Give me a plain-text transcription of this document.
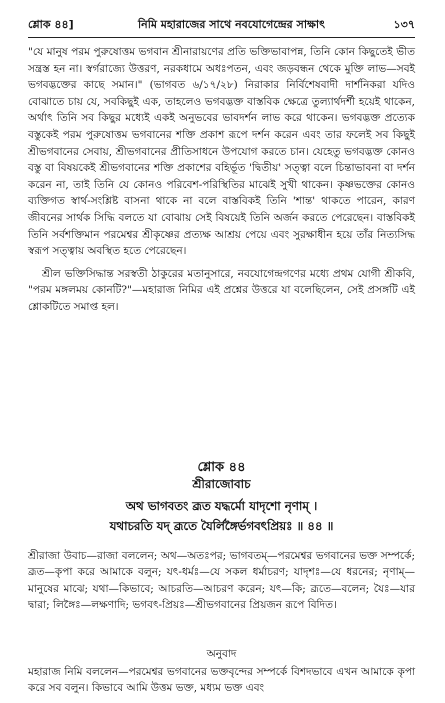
শ্লোক ৪৪]	নিমি মহারাজের সাথে নবযোগেন্দ্রের সাক্ষাৎ	১৩৭

"যে মানুষ পরম পুরুষোত্তম ভগবান শ্রীনারায়ণের প্রতি ভক্তিভাবাপন্ন, তিনি কোন কিছুতেই ভীত সন্ত্রস্ত হন না। স্বর্গরাজ্যে উত্তরণ, নরকধামে অধঃপতন, এবং জড়বন্ধন থেকে মুক্তি লাভ—সবই ভগবদ্ভক্তের কাছে সমান।" (ভাগবত ৬/১৭/২৮) নিরাকার নির্বিশেষবাদী দার্শনিকরা যদিও বোঝাতে চায় যে, সবকিছুই এক, তাহলেও ভগবদ্ভক্ত বাস্তবিক ক্ষেত্রে তুল্যার্থদর্শী হয়েই থাকেন, অর্থাৎ তিনি সব কিছুর মধ্যেই একই অনুভবের ভাবদর্শন লাভ করে থাকেন। ভগবদ্ভক্ত প্রত্যেক বস্তুকেই পরম পুরুষোত্তম ভগবানের শক্তি প্রকাশ রূপে দর্শন করেন এবং তার ফলেই সব কিছুই শ্রীভগবানের সেবায়, শ্রীভগবানের প্রীতিসাধনে উপযোগ করতে চান। যেহেতু ভগবদ্ভক্ত কোনও বস্তু বা বিষয়কেই শ্রীভগবানের শক্তি প্রকাশের বহির্ভূত 'দ্বিতীয়' সত্ত্বা বলে চিন্তাভাবনা বা দর্শন করেন না, তাই তিনি যে কোনও পরিবেশ-পরিস্থিতির মাঝেই সুখী থাকেন। কৃষ্ণভক্তের কোনও ব্যক্তিগত স্বার্থ-সংশ্লিষ্ট বাসনা থাকে না বলে বাস্তবিকই তিনি 'শান্ত' থাকতে পারেন, কারণ জীবনের সার্থক সিদ্ধি বলতে যা বোঝায় সেই বিষয়েই তিনি অর্জন করতে পেরেছেন। বাস্তবিকই তিনি সর্বশক্তিমান পরমেশ্বর শ্রীকৃষ্ণের প্রত্যক্ষ আশ্রয় পেয়ে এবং সুরক্ষাধীন হয়ে তাঁর নিত্যসিদ্ধ স্বরূপ সত্ত্বায় অবস্থিত হতে পেরেছেন।

শ্রীল ভক্তিসিদ্ধান্ত সরস্বতী ঠাকুরের মতানুসারে, নবযোগেন্দ্রগণের মধ্যে প্রথম যোগী শ্রীকবি, "পরম মঙ্গলময় কোনটি?"—মহারাজ নিমির এই প্রশ্নের উত্তরে যা বলেছিলেন, সেই প্রসঙ্গটি এই শ্লোকটিতে সমাপ্ত হল।

শ্লোক ৪৪
শ্রীরাজোবাচ
অথ ভাগবতং ব্রূত যদ্ধর্মো যাদৃশো নৃণাম্ ।
যথাচরতি যদ্ ব্রূতে যৈর্লিঙ্গৈর্ভগবৎপ্রিয়ঃ ॥ ৪৪ ॥

শ্রীরাজা উবাচ—রাজা বললেন; অথ—অতঃপর; ভাগবতম্—পরমেশ্বর ভগবানের ভক্ত সম্পর্কে; ব্রূত—কৃপা করে আমাকে বলুন; যৎ-ধর্মঃ—যে সকল ধর্মাচরণ; যাদৃশঃ—যে ধরনের; নৃণাম্—মানুষের মাঝে; যথা—কিভাবে; আচরতি—আচরণ করেন; যৎ—কি; ব্রূতে—বলেন; যৈঃ—যার দ্বারা; লিঙ্গৈঃ—লক্ষণাদি; ভগবৎ-প্রিয়ঃ—শ্রীভগবানের প্রিয়জন রূপে বিদিত।

অনুবাদ

মহারাজ নিমি বললেন—পরমেশ্বর ভগবানের ভক্তবৃন্দের সম্পর্কে বিশদভাবে এখন আমাকে কৃপা করে সব বলুন। কিভাবে আমি উত্তম ভক্ত, মধ্যম ভক্ত এবং
